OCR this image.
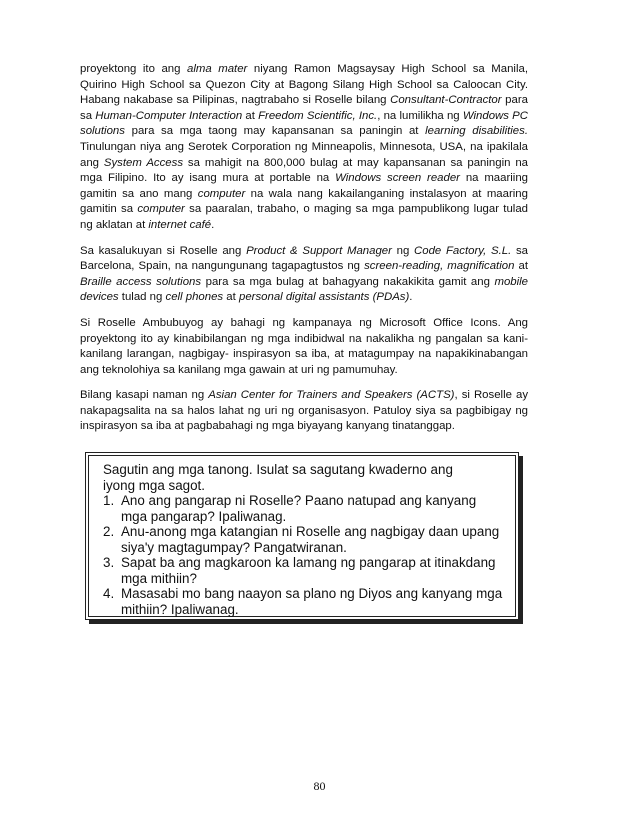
proyektong ito ang alma mater niyang Ramon Magsaysay High School sa Manila, Quirino High School sa Quezon City at Bagong Silang High School sa Caloocan City. Habang nakabase sa Pilipinas, nagtrabaho si Roselle bilang Consultant-Contractor para sa Human-Computer Interaction at Freedom Scientific, Inc., na lumilikha ng Windows PC solutions para sa mga taong may kapansanan sa paningin at learning disabilities. Tinulungan niya ang Serotek Corporation ng Minneapolis, Minnesota, USA, na ipakilala ang System Access sa mahigit na 800,000 bulag at may kapansanan sa paningin na mga Filipino. Ito ay isang mura at portable na Windows screen reader na maariing gamitin sa ano mang computer na wala nang kakailanganing instalasyon at maaring gamitin sa computer sa paaralan, trabaho, o maging sa mga pampublikong lugar tulad ng aklatan at internet café.

Sa kasalukuyan si Roselle ang Product & Support Manager ng Code Factory, S.L. sa Barcelona, Spain, na nangungunang tagapagtustos ng screen-reading, magnification at Braille access solutions para sa mga bulag at bahagyang nakakikita gamit ang mobile devices tulad ng cell phones at personal digital assistants (PDAs).

Si Roselle Ambubuyog ay bahagi ng kampanaya ng Microsoft Office Icons. Ang proyektong ito ay kinabibilangan ng mga indibidwal na nakalikha ng pangalan sa kani-kanilang larangan, nagbigay- inspirasyon sa iba, at matagumpay na napakikinabangan ang teknolohiya sa kanilang mga gawain at uri ng pamumuhay.

Bilang kasapi naman ng Asian Center for Trainers and Speakers (ACTS), si Roselle ay nakapagsalita na sa halos lahat ng uri ng organisasyon. Patuloy siya sa pagbibigay ng inspirasyon sa iba at pagbabahagi ng mga biyayang kanyang tinatanggap.

Sagutin ang mga tanong. Isulat sa sagutang kwaderno ang iyong mga sagot.

1. Ano ang pangarap ni Roselle? Paano natupad ang kanyang mga pangarap? Ipaliwanag.
2. Anu-anong mga katangian ni Roselle ang nagbigay daan upang siya'y magtagumpay? Pangatwiranan.
3. Sapat ba ang magkaroon ka lamang ng pangarap at itinakdang mga mithiin?
4. Masasabi mo bang naayon sa plano ng Diyos ang kanyang mga mithiin? Ipaliwanag.
80
